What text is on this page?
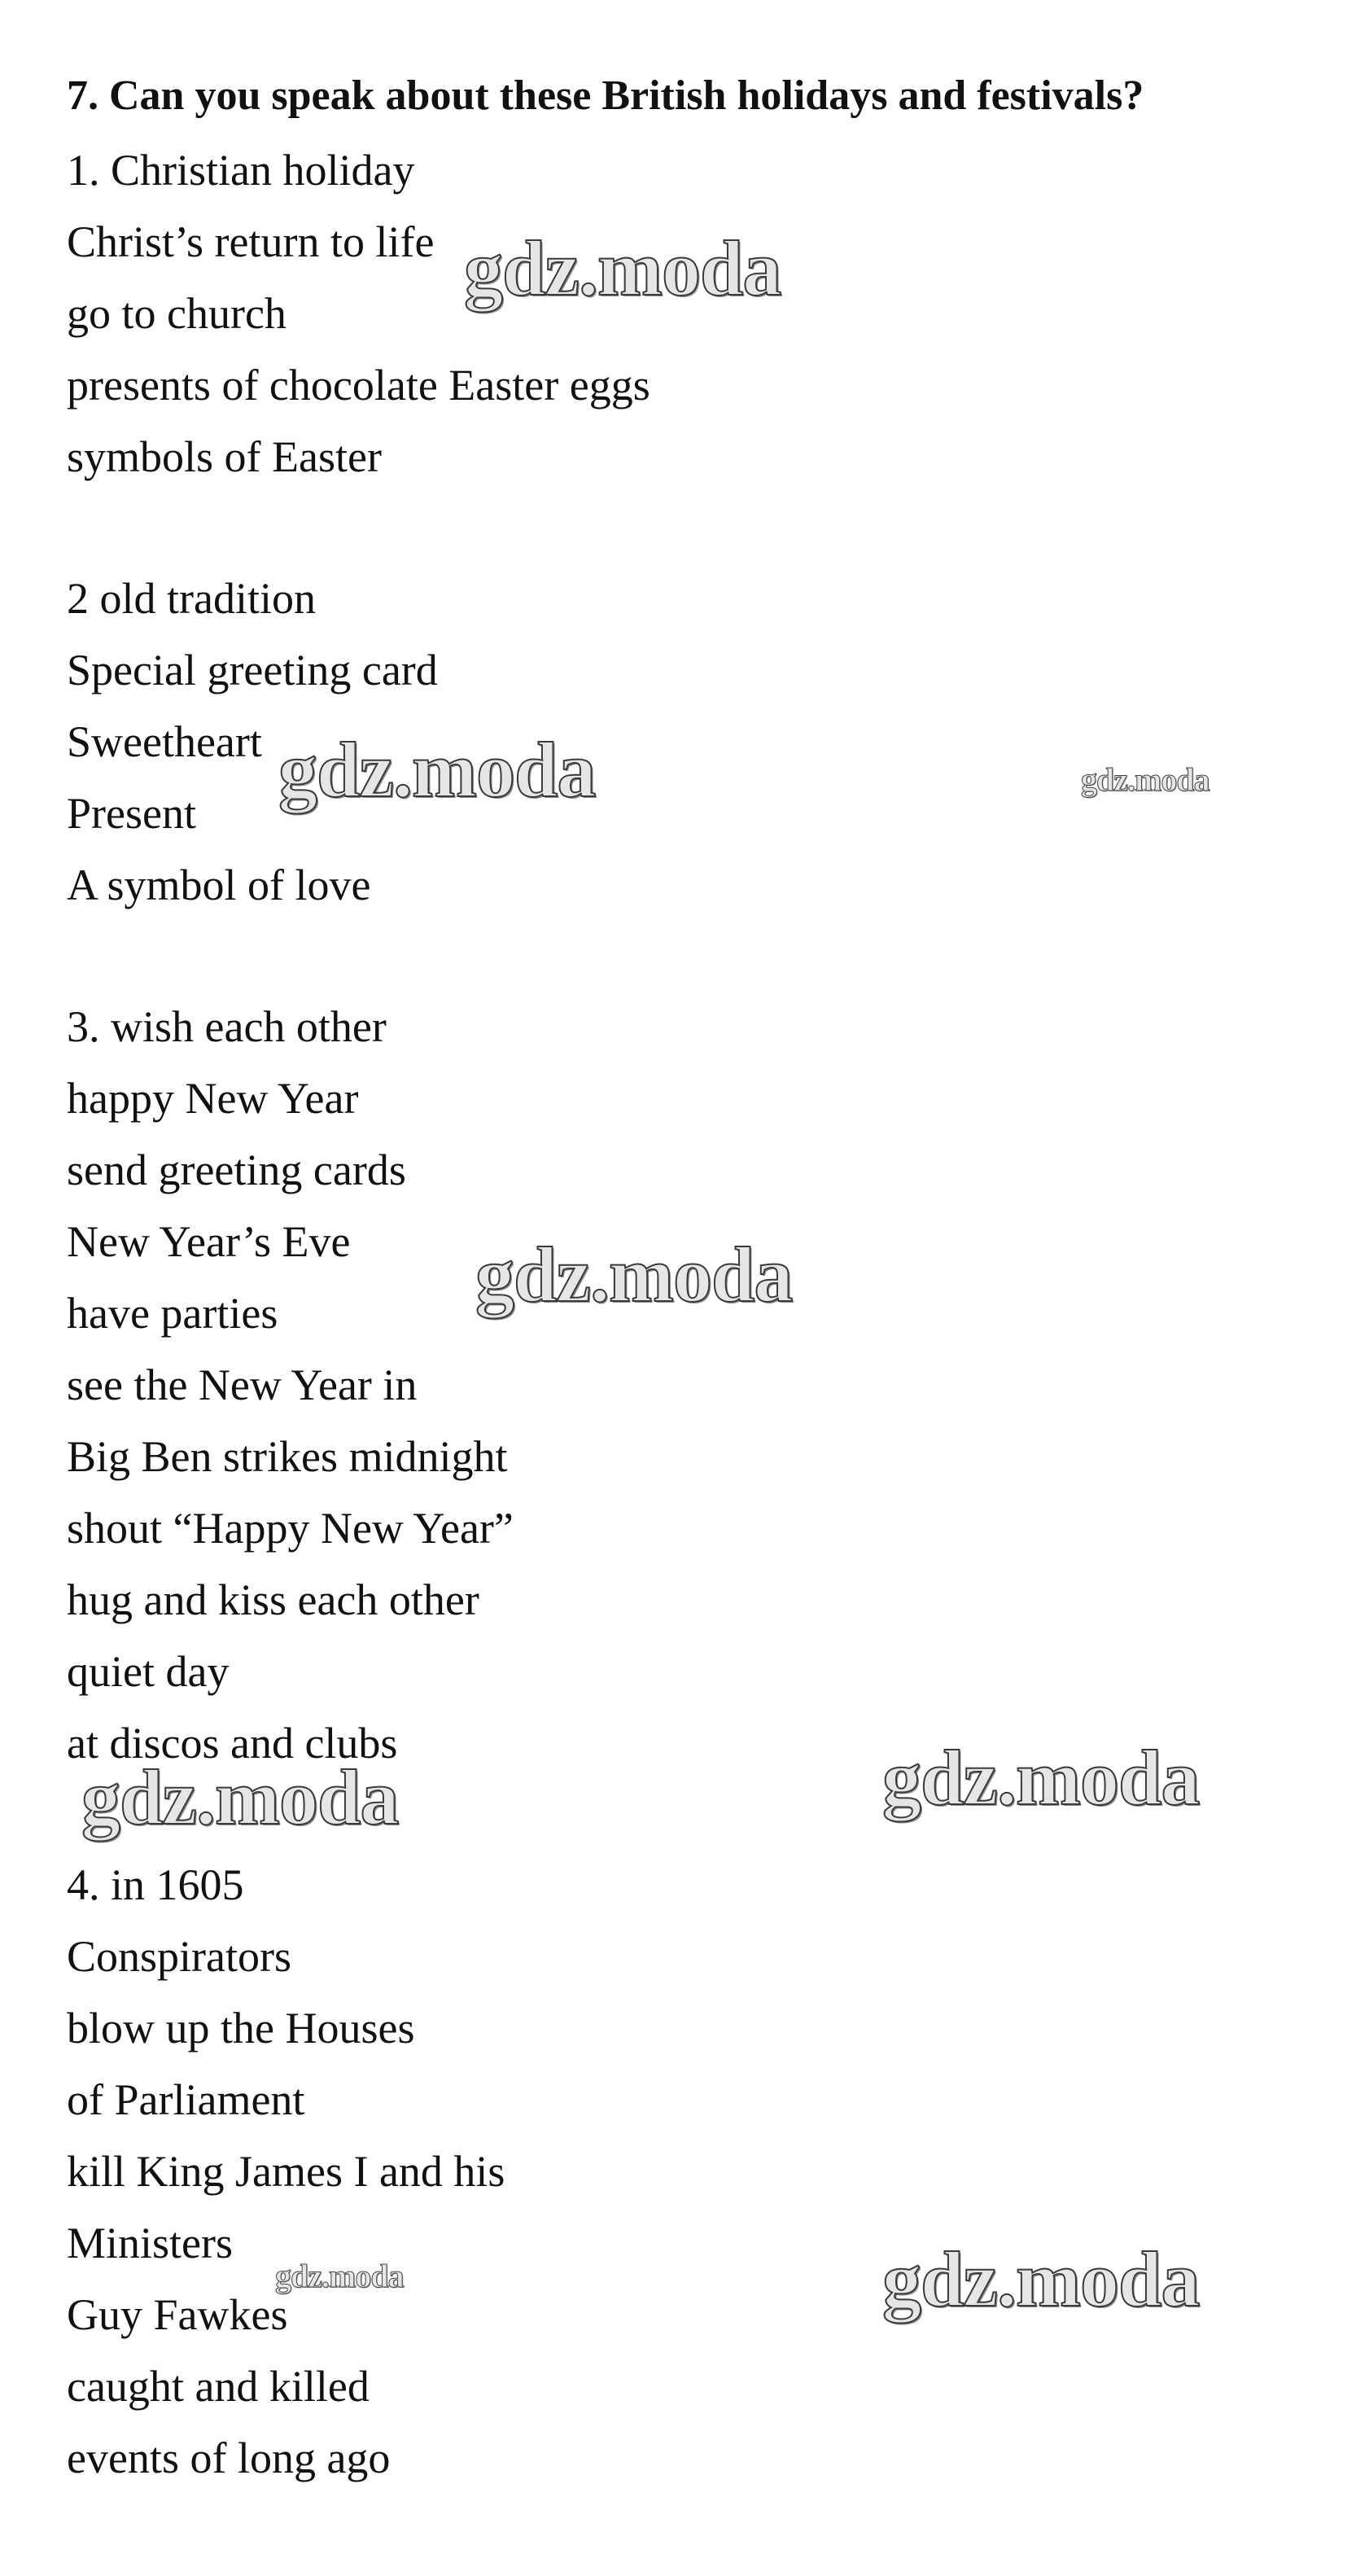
7. Can you speak about these British holidays and festivals?
1. Christian holiday
Christ’s return to life
go to church
presents of chocolate Easter eggs
symbols of Easter
2 old tradition
Special greeting card
Sweetheart
Present
A symbol of love
3. wish each other
happy New Year
send greeting cards
New Year’s Eve
have parties
see the New Year in
Big Ben strikes midnight
shout “Happy New Year”
hug and kiss each other
quiet day
at discos and clubs
4. in 1605
Conspirators
blow up the Houses
of Parliament
kill King James I and his
Ministers
Guy Fawkes
caught and killed
events of long ago
gdz.moda
gdz.moda	gdz.moda
gdz.moda
gdz.moda	gdz.moda
gdz.moda	gdz.moda
